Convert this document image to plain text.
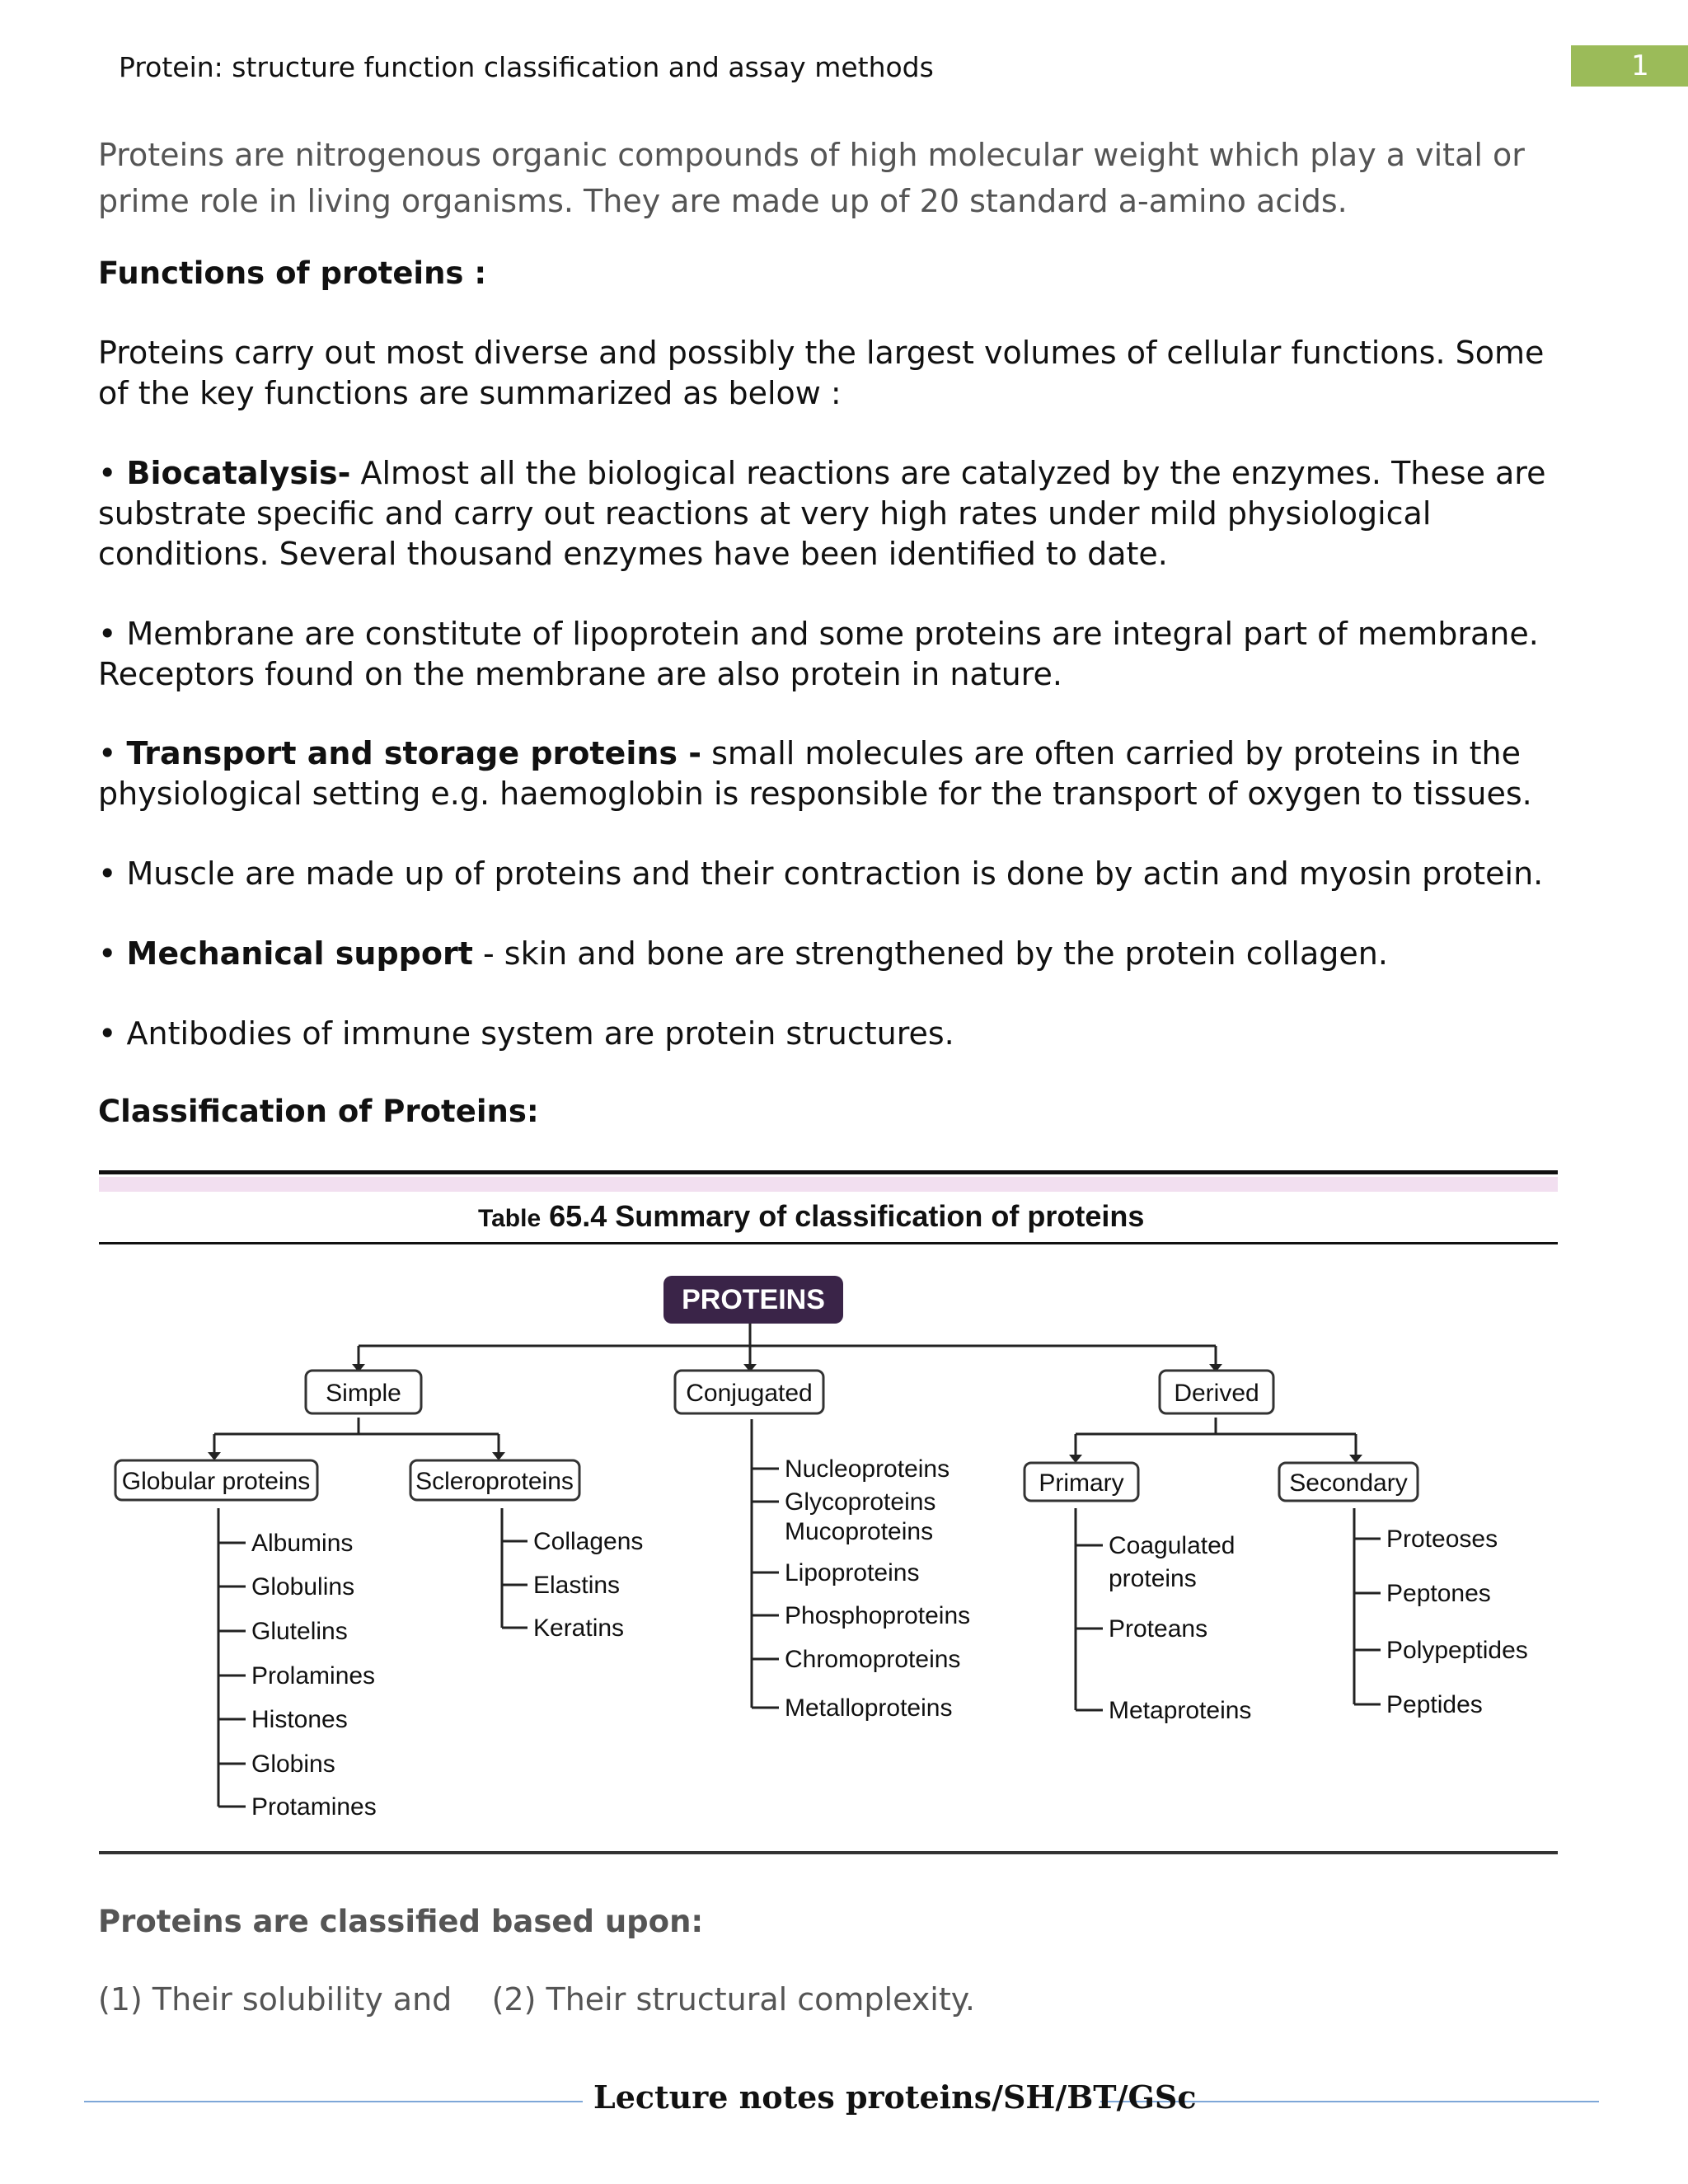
Protein: structure function classification and assay methods	1
Proteins are nitrogenous organic compounds of high molecular weight which play a vital or prime role in living organisms. They are made up of 20 standard a-amino acids.
Functions of proteins :
Proteins carry out most diverse and possibly the largest volumes of cellular functions. Some of the key functions are summarized as below :
• Biocatalysis- Almost all the biological reactions are catalyzed by the enzymes. These are substrate specific and carry out reactions at very high rates under mild physiological conditions. Several thousand enzymes have been identified to date.
• Membrane are constitute of lipoprotein and some proteins are integral part of membrane. Receptors found on the membrane are also protein in nature.
• Transport and storage proteins - small molecules are often carried by proteins in the physiological setting e.g. haemoglobin is responsible for the transport of oxygen to tissues.
• Muscle are made up of proteins and their contraction is done by actin and myosin protein.
• Mechanical support - skin and bone are strengthened by the protein collagen.
• Antibodies of immune system are protein structures.
Classification of Proteins:
Table 65.4 Summary of classification of proteins
PROTEINS
Simple	Conjugated	Derived
Globular proteins	Scleroproteins	Primary	Secondary
Albumins
Globulins
Glutelins
Prolamines
Histones
Globins
Protamines
Collagens
Elastins
Keratins
Nucleoproteins
Glycoproteins
Mucoproteins
Lipoproteins
Phosphoproteins
Chromoproteins
Metalloproteins
Coagulated
proteins
Proteans
Metaproteins
Proteoses
Peptones
Polypeptides
Peptides
Proteins are classified based upon:
(1) Their solubility and    (2) Their structural complexity.
Lecture notes proteins/SH/BT/GSc
